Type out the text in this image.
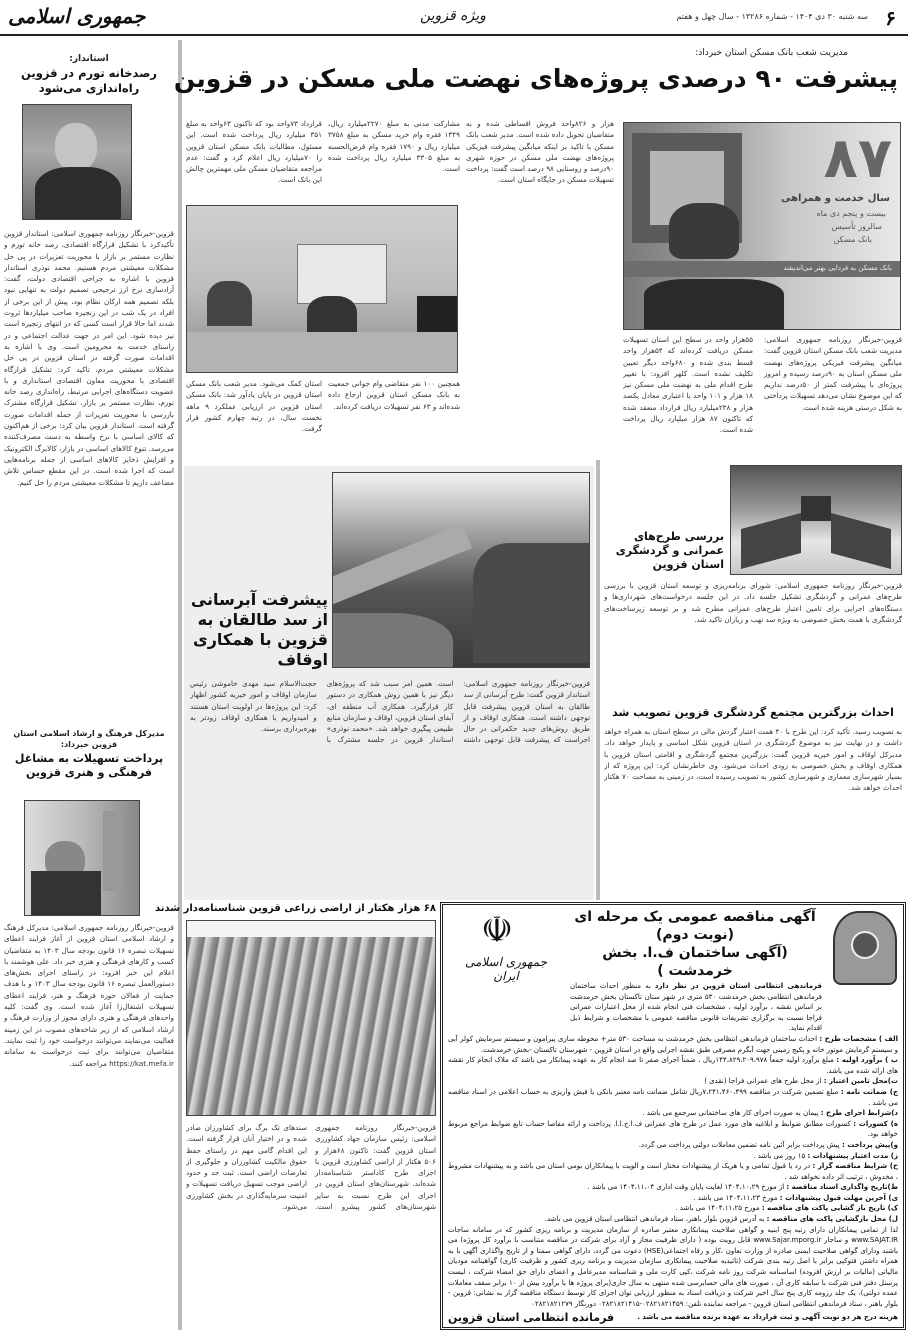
۶
سه شنبه ۳۰ دی ۱۴۰۴ - شماره ۱۳۲۸۶ - سال چهل و هفتم
ویژه قزوین
جمهوری اسلامی
مدیریت شعب بانک مسکن استان خبرداد:
پیشرفت ۹۰ درصدی پروژه‌های نهضت ملی مسکن در قزوین
۸۷
سال خدمت و همراهی
بیست و پنجم دی ماه
سالروز تأسیس
بانک مسکن
بانک مسکن به فردایی بهتر می‌اندیشد
۵۵هزار واحد در سطح این استان تسهیلات مسکن دریافت کرده‌اند که ۵۴هزار واحد قسط بندی شده و ۶۸۰واحد دیگر تعیین تکلیف نشده است. کلهر افزود: با تغییر طرح اقدام ملی به نهضت ملی مسکن نیز ۱۸ هزار و ۱۰۱ واحد با اعتباری معادل یکصد هزار و ۲۳۸میلیارد ریال قرارداد منعقد شده که تاکنون ۸۷ هزار میلیارد ریال پرداخت شده است.
قزوین-خبرنگار روزنامه جمهوری اسلامی: مدیریت شعب بانک مسکن استان قزوین گفت: میانگین پیشرفت فیزیکی پروژه‌های نهضت ملی مسکن استان به ۹۰درصد رسیده و امروز پروژه‌ای با پیشرفت کمتر از ۵۰درصد نداریم که این موضوع نشان می‌دهد تسهیلات پرداختی به شکل درستی هزینه شده است.
هزار و ۸۲۶واحد فروش اقساطی شده و به متقاضیان تحویل داده شده است. مدیر شعب بانک مسکن با تاکید بر اینکه میانگین پیشرفت فیزیکی پروژه‌های نهضت ملی مسکن در حوزه شهری ۹۰درصد و روستایی ۹۸ درصد است گفت: پرداخت تسهیلات مسکن در جایگاه استان است.
مشارکت مدنی به مبلغ ۲۲۷۰میلیارد ریال، ۱۳۴۹ فقره وام خرید مسکن به مبلغ ۳۷۵۸ میلیارد ریال و ۱۷۹۰ فقره وام قرض‌الحسنه به مبلغ ۳۳۰۵ میلیارد ریال پرداخت شده است.
قرارداد ۷۳واحد بود که تاکنون ۶۳واحد به مبلغ ۳۵۱ میلیارد ریال پرداخت شده است. این مسئول، مطالبات بانک مسکن استان قزوین را ۷۰میلیارد ریال اعلام کرد و گفت: عدم مراجعه متقاضیان مسکن ملی مهمترین چالش این بانک است.
همچنین ۱۰۰ نفر متقاضی وام جوانی جمعیت به بانک مسکن استان قزوین ارجاع داده شده‌اند و ۶۳ نفر تسهیلات دریافت کرده‌اند.
استان کمک می‌شود. مدیر شعب بانک مسکن استان قزوین در پایان یادآور شد: بانک مسکن استان قزوین در ارزیابی عملکرد ۹ ماهه نخست سال، در رتبه چهارم کشور قرار گرفت.
استاندار:
رصدخانه تورم در قزوین راه‌اندازی می‌شود
قزوین-خبرنگار روزنامه جمهوری اسلامی: استاندار قزوین تأکیدکرد با تشکیل قرارگاه اقتصادی، رصد خانه تورم و نظارت مستمر بر بازار با محوریت تعزیرات در پی حل مشکلات معیشتی مردم هستیم. محمد نوذری استاندار قزوین با اشاره به جراحی اقتصادی دولت، گفت: آزادسازی نرخ ارز ترجیحی تصمیم دولت به تنهایی نبود بلکه تصمیم همه ارکان نظام بود، پیش از این برخی از افراد در یک شب در این زنجیره صاحب میلیاردها ثروت شدند اما حالا قرار است کسی که در انتهای زنجیره است نیز دیده شود. این امر در جهت عدالت اجتماعی و در راستای خدمت به محرومین است. وی با اشاره به اقدامات صورت گرفته در استان قزوین در پی حل مشکلات معیشتی مردم، تاکید کرد: تشکیل قرارگاه اقتصادی با محوریت معاون اقتصادی استانداری و با عضویت دستگاه‌های اجرایی مرتبط، راه‌اندازی رصد خانه تورم، نظارت مستمر بر بازار، تشکیل قرارگاه مشترک بازرسی با محوریت تعزیرات از جمله اقدامات صورت گرفته است. استاندار قزوین بیان کرد: برخی از هم‌اکنون که کالای اساسی با نرخ واسطه به دست مصرف‌کننده می‌رسد. تنوع کالاهای اساسی در بازار، کالابرگ الکترونیک و افزایش ذخایر کالاهای اساسی از جمله برنامه‌هایی است که اجرا شده است. در این مقطع حساس تلاش مضاعف داریم تا مشکلات معیشتی مردم را حل کنیم.
مدیرکل فرهنگ و ارشاد اسلامی استان قزوین خبرداد:
پرداخت تسهیلات به مشاغل فرهنگی و هنری قزوین
قزوین-خبرنگار روزنامه جمهوری اسلامی: مدیرکل فرهنگ و ارشاد اسلامی استان قزوین از آغاز فرایند اعطای تسهیلات تبصره ۱۶ قانون بودجه سال ۱۴۰۳ به متقاضیان کسب و کارهای فرهنگی و هنری خبر داد. علی هوشمند با اعلام این خبر افزود: در راستای اجرای بخش‌های دستورالعمل تبصره ۱۶ قانون بودجه سال ۱۴۰۳ و با هدف حمایت از فعالان حوزه فرهنگ و هنر، فرایند اعطای تسهیلات اشتغال‌زا آغاز شده است. وی گفت: کلیه واحدهای فرهنگی و هنری دارای مجوز از وزارت فرهنگ و ارشاد اسلامی که از زیر شاخه‌های مصوب در این زمینه فعالیت می‌نمایند می‌توانند درخواست خود را ثبت نمایند. متقاضیان می‌توانند برای ثبت درخواست به سامانه https://kat.mefa.ir مراجعه کنند.
بررسی طرح‌های عمرانی و گردشگری استان قزوین
قزوین-خبرنگار روزنامه جمهوری اسلامی: شورای برنامه‌ریزی و توسعه استان قزوین با بررسی طرح‌های عمرانی و گردشگری تشکیل جلسه داد. در این جلسه درخواست‌های شهرداری‌ها و دستگاه‌های اجرایی برای تامین اعتبار طرح‌های عمرانی مطرح شد و بر توسعه زیرساخت‌های گردشگری با همت بخش خصوصی به ویژه سد نهب و زیاران تاکید شد.
احداث بزرگترین مجتمع گردشگری قزوین تصویب شد
به تصویب رسید. تأکید کرد: این طرح با ۴۰ همت اعتبار گردش مالی در سطح استان به همراه خواهد داشت و در نهایت نیز به موضوع گردشگری در استان قزوین شکل اساسی و پایدار خواهد داد. مدیرکل اوقاف و امور خیریه قزوین گفت: بزرگترین مجتمع گردشگری و اقامتی استان قزوین با همکاری اوقاف و بخش خصوصی به زودی احداث می‌شود. وی خاطرنشان کرد: این پروژه که از بسیار شهرسازی معماری و شهرسازی کشور به تصویب رسیده است، در زمینی به مساحت ۷۰ هکتار احداث خواهد شد.
پیشرفت آبرسانی از سد طالقان به قزوین با همکاری اوقاف
قزوین-خبرنگار روزنامه جمهوری اسلامی: استاندار قزوین گفت: طرح آبرسانی از سد طالقان به استان قزوین پیشرفت قابل توجهی داشته است. همکاری اوقاف و از طریق روش‌های جدید حکمرانی در حال اجراست که پیشرفت قابل توجهی داشته است. همین امر سبب شد که پروژه‌های دیگر نیز با همین روش همکاری در دستور کار قرارگیرد. همکاری آب منطقه ای، آبفای استان قزوین، اوقاف و سازمان منابع طبیعی پیگیری خواهد شد. «محمد نوذری» استاندار قزوین در جلسه مشترک با حجت‌الاسلام سید مهدی خاموشی رئیس سازمان اوقاف و امور خیریه کشور اظهار کرد: این پروژه‌ها در اولویت استان هستند و امیدواریم با همکاری اوقاف زودتر به بهره‌برداری برسند.
۶۸ هزار هکتار از اراضی زراعی قزوین شناسنامه‌دار شدند
قزوین-خبرنگار روزنامه جمهوری اسلامی: رئیس سازمان جهاد کشاورزی استان قزوین گفت: تاکنون ۶۸هزار و ۵۰۶ هکتار از اراضی کشاورزی قزوین با اجرای طرح کاداستر شناسنامه‌دار شده‌اند. شهرستان‌های استان قزوین در اجرای این طرح نسبت به سایر شهرستان‌های کشور پیشرو است. سندهای تک برگ برای کشاورزان صادر شده و در اختیار آنان قرار گرفته است. این اقدام گامی مهم در راستای حفظ حقوق مالکیت کشاورزان و جلوگیری از تعارضات اراضی است. ثبت حد و حدود اراضی موجب تسهیل دریافت تسهیلات و امنیت سرمایه‌گذاری در بخش کشاورزی می‌شود.
☫
جمهوری اسلامی ایران
آگهی مناقصه عمومی یک مرحله ای (نوبت دوم)
(آگهی ساختمان ف.ا. بخش خرمدشت )
فرماندهی انتظامی استان قزوین در نظر دارد به منظور احداث ساختمان فرماندهی انتظامی بخش خرمدشت ۵۳۰ متری در شهر ستان تاکستان بخش خرمدشت بر اساس نقشه ، برآورد اولیه ، مشخصات فنی انجام شده از محل اعتبارات عمرانی فراجا نسبت به برگزاری تشریفات قانونی مناقصه عمومی با مشخصات و شرایط ذیل اقدام نماید.
الف ) مشخصات طرح : احداث ساختمان فرماندهی انتظامی بخش خرمدشت به مساحت ۵۳۰ متر+ محوطه سازی پیرامون و سیستم سرمایش کولر آبی و سیستم گرمایش موتور خانه و پکیج زمینی جهت آبگرم مصرفی طبق نقشه اجرایی واقع در استان قزوین - شهرستان تاکستان -بخش خرمدشت.
ب ) برآورد اولیه : مبلغ برآورد اولیه جمعاً ۱۴۴،۸۲۹،۲۰۹،۹۷۸ریال ، ضمناً اجرای صفر تا صد انجام کار به عهده پیمانکار می باشد که ملاک انجام کار نقشه های ارائه شده می باشد.
ت)محل تامین اعتبار : از محل طرح های عمرانی فراجا (نقدی )
ج) ضمانت نامه : مبلغ تضمین شرکت در مناقصه ۷،۲۴۱،۴۶۰،۴۹۹ریال شامل ضمانت نامه معتبر بانکی یا فیش واریزی به حساب اعلامی در اسناد مناقصه می باشد .
د)شرایط اجرای طرح : پیمان به صورت اجرای کار های ساختمانی سرجمع می باشد .
ه) کسورات : کسورات مطابق ضوابط و ابلاغیه های مورد عمل در طرح های عمرانی ف.ا.ج.ا.ا. پرداخت و ارائه مفاصا حساب تابع ضوابط مراجع مربوط خواهد بود.
و)پیش پرداخت : پیش پرداخت برابر آئین نامه تضمین معاملات دولتی پرداخت می گردد.
ز) مدت اعتبار پیشنهادات : ۱۵ روز می باشد .
ح) شرایط مناقصه گزار : در رد یا قبول تمامی و یا هریک از پیشنهادات مختار است و الویت با پیمانکاران بومی استان می باشد و به پیشنهادات مشروط ، مخدوش ، ترتیب اثر داده نخواهد شد .
ط)تاریخ واگذاری اسناد مناقصه : از مورخ ۱۴۰۴،۱۰،۲۹ لغایت پایان وقت اداری ۱۴۰۴،۱۱،۰۴ می باشد .
ی) آخرین مهلت قبول پیشنهادات : مورخ ۱۴۰۴،۱۱،۲۳ می باشد .
ک) تاریخ باز گشایی پاکت های مناقصه : مورخ ۱۴۰۴،۱۱،۲۵ می باشد .
ل) محل بازگشایی پاکت های مناقصه : به آدرس قزوین بلوار باهنر، ستاد فرماندهی انتظامی استان قزوین می باشد.
لذا از تمامی پیمانکاران دارای رتبه پنج ابنیه و گواهی صلاحیت پیمانکاری معتبر صادره از سازمان مدیریت و برنامه ریزی کشور که در سامانه ساجات www.SAJAT.IR و ساجار www.Sajar.mporg.ir قابل رویت بوده ( دارای ظرفیت مجاز و آزاد برای شرکت در مناقصه متناسب با برآورد کل پروژه) می باشند ودارای گواهی صلاحیت ایمنی صادره از وزارت تعاون ،کار و رفاه اجتماعی(HSE) دعوت می گردد، دارای گواهی سمتا و از تاریخ واگذاری آگهی با به همراه داشتن فتوکپی برابر با اصل رتبه بندی شرکت (تائیدیه صلاحیت پیمانکاری سازمان مدیریت و برنامه ریزی کشور و ظرفیت کاری) گواهینامه مودیان مالیاتی (مالیات بر ارزش افزوده) اساسنامه شرکت روز نامه شرکت ،کپی کارت ملی و شناسنامه مدیرعامل و اعضای دارای حق امضاء شرکت ، لیست پرسنل دفتر فنی شرکت با سابقه کاری آن ، صورت های مالی حسابرسی شده منتهی به سال جاری(برای پروژه ها با برآورد بیش از ۱۰ برابر سقف معاملات عمده دولتی)، یک جلد رزومه کاری پنج سال اخیر شرکت و دریافت اسناد به منظور ارزیابی توان اجرای کار توسط دستگاه مناقصه گزار به نشانی: قزوین - بلوار باهنر ، ستاد فرماندهی انتظامی استان قزوین - مراجعه نماینده تلفن: ۰۲۸۲۱۸۲۱۴۵۹-۰۲۸۲۱۸۲۱۴۱۵ دورنگار ۰۲۸۲۱۸۲۱۲۷۹
هزینه درج هر دو نوبت آگهی و ثبت قرارداد به عهده برنده مناقصه می باشد .
فرمانده انتظامی استان قزوین
